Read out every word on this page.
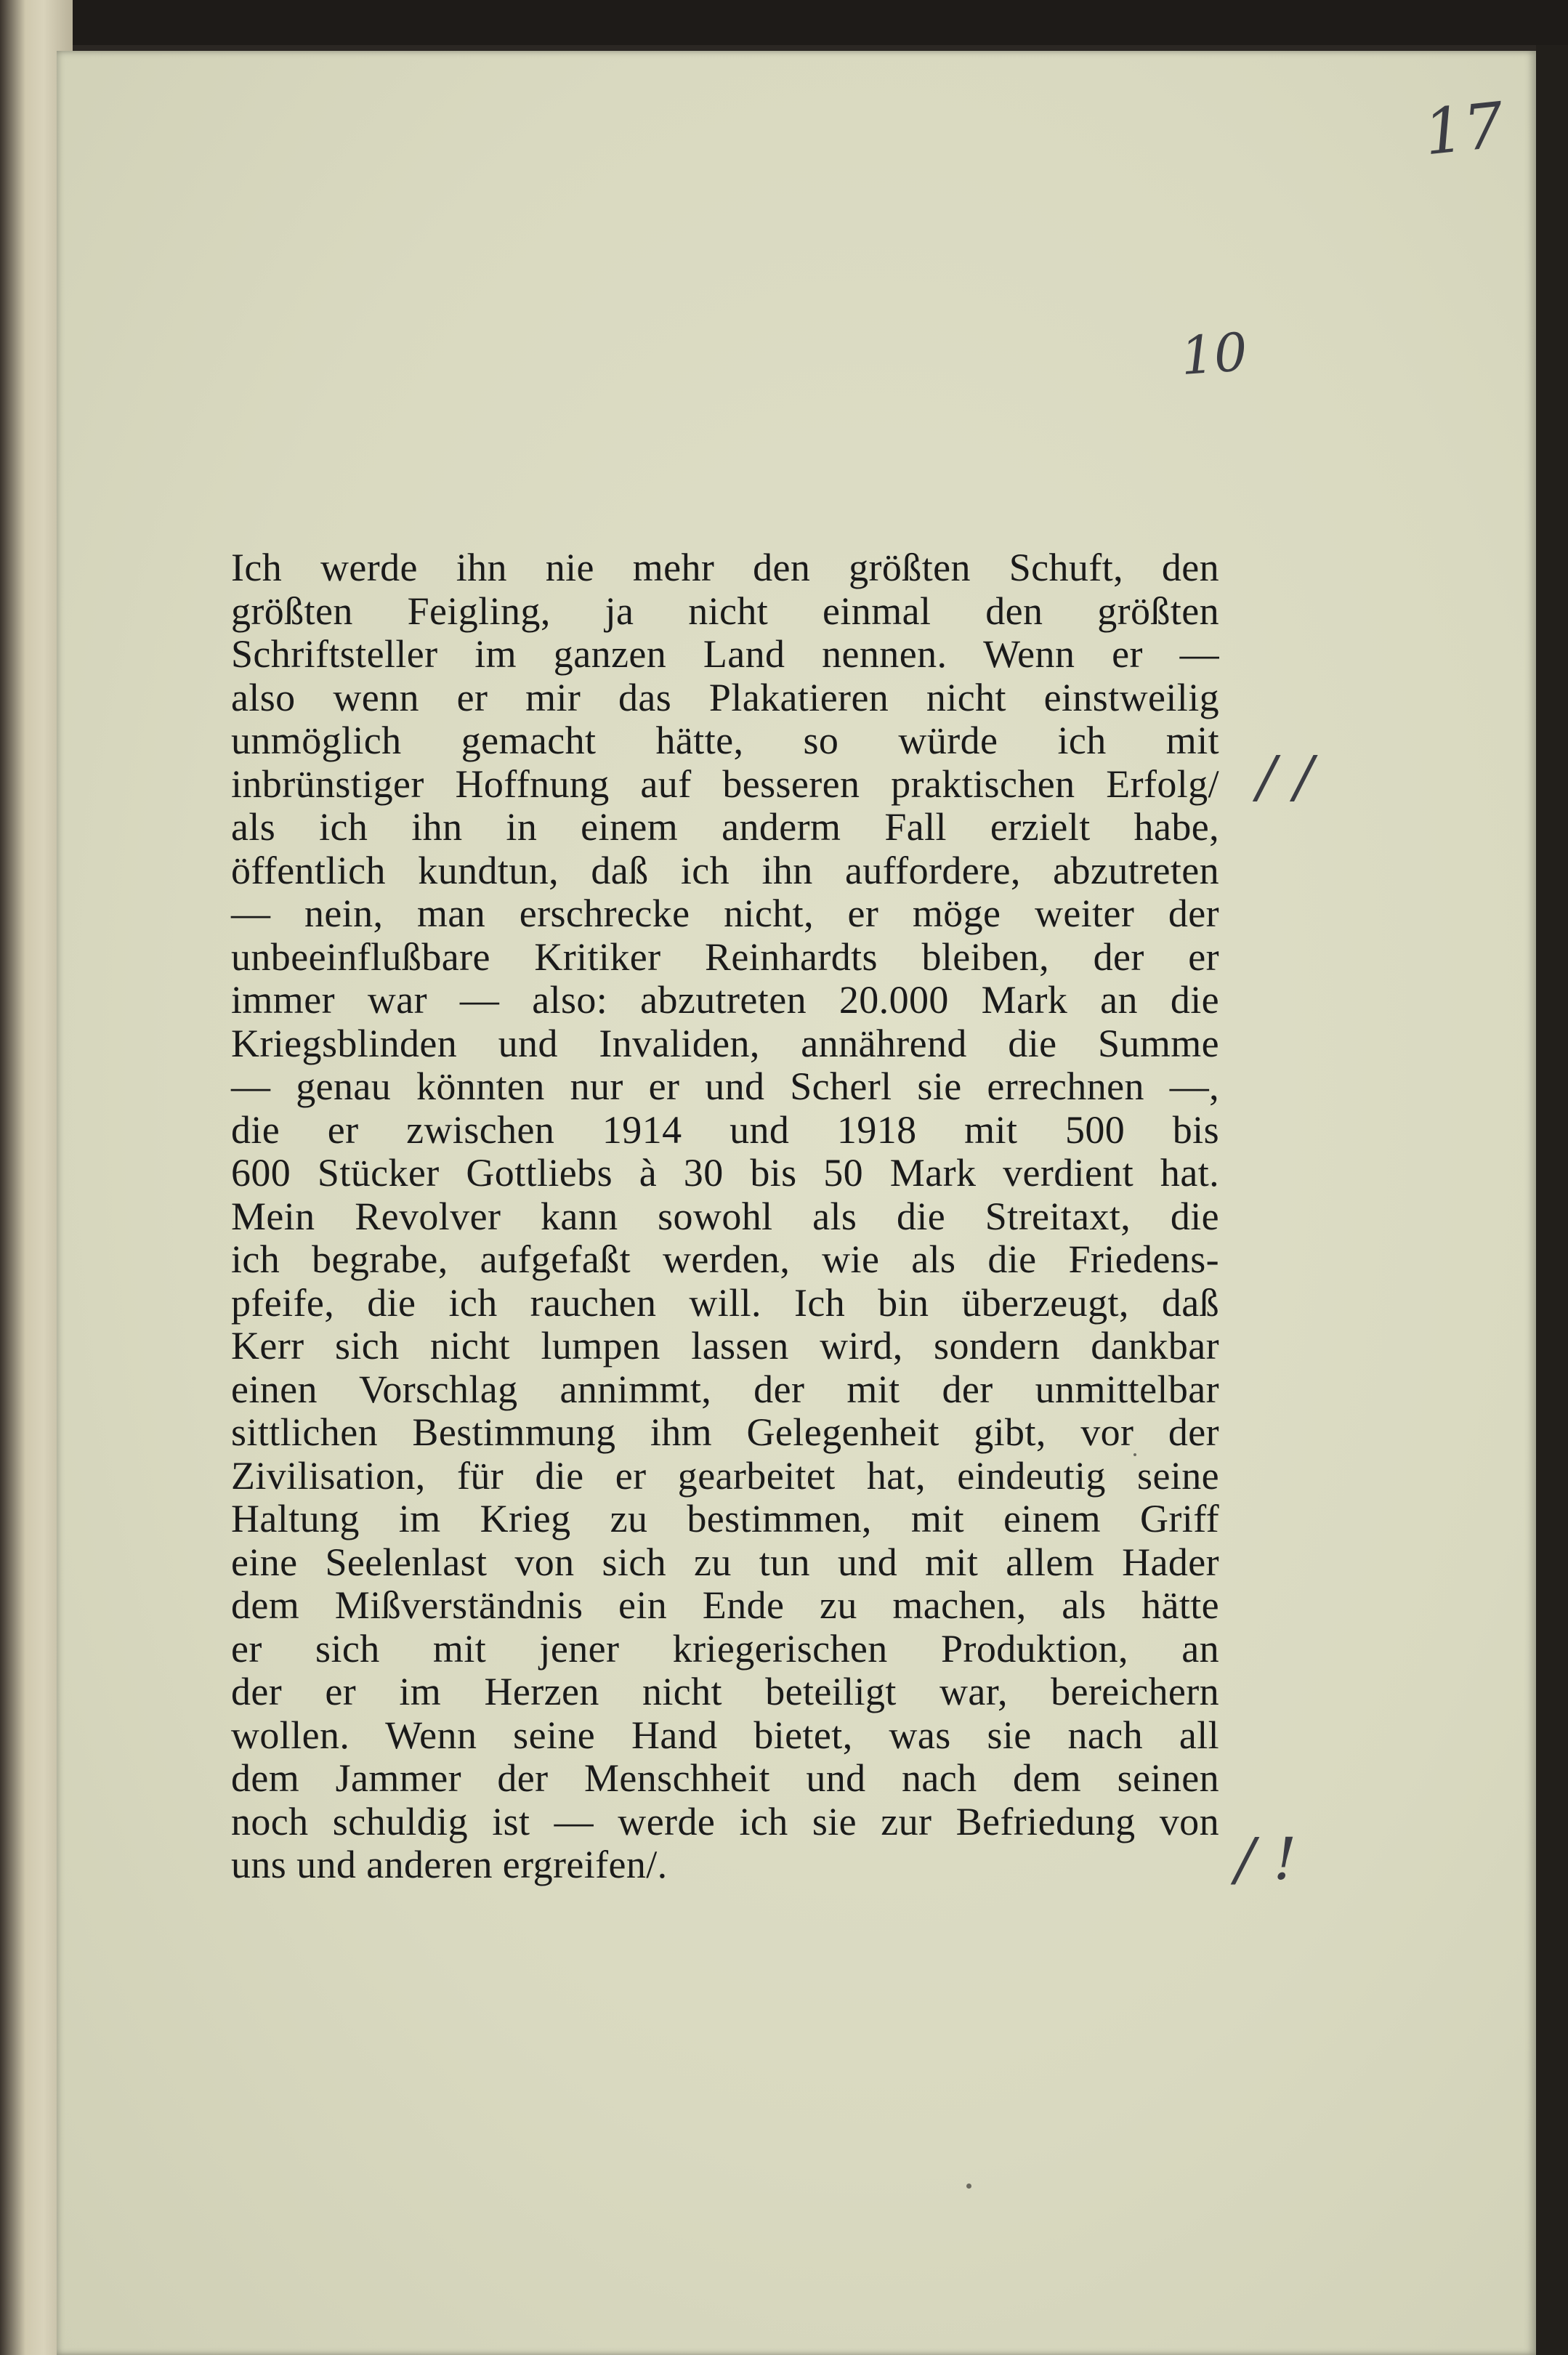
17
10
/ /
/ !
Ich werde ihn nie mehr den größten Schuft, den
größten Feigling, ja nicht einmal den größten
Schriftsteller im ganzen Land nennen. Wenn er —
also wenn er mir das Plakatieren nicht einstweilig
unmöglich gemacht hätte, so würde ich mit
inbrünstiger Hoffnung auf besseren praktischen Erfolg/
als ich ihn in einem anderm Fall erzielt habe,
öffentlich kundtun, daß ich ihn auffordere, abzutreten
— nein, man erschrecke nicht, er möge weiter der
unbeeinflußbare Kritiker Reinhardts bleiben, der er
immer war — also: abzutreten 20.000 Mark an die
Kriegsblinden und Invaliden, annährend die Summe
— genau könnten nur er und Scherl sie errechnen —,
die er zwischen 1914 und 1918 mit 500 bis
600 Stücker Gottliebs à 30 bis 50 Mark verdient hat.
Mein Revolver kann sowohl als die Streitaxt, die
ich begrabe, aufgefaßt werden, wie als die Friedens-
pfeife, die ich rauchen will. Ich bin überzeugt, daß
Kerr sich nicht lumpen lassen wird, sondern dankbar
einen Vorschlag annimmt, der mit der unmittelbar
sittlichen Bestimmung ihm Gelegenheit gibt, vor der
Zivilisation, für die er gearbeitet hat, eindeutig seine
Haltung im Krieg zu bestimmen, mit einem Griff
eine Seelenlast von sich zu tun und mit allem Hader
dem Mißverständnis ein Ende zu machen, als hätte
er sich mit jener kriegerischen Produktion, an
der er im Herzen nicht beteiligt war, bereichern
wollen. Wenn seine Hand bietet, was sie nach all
dem Jammer der Menschheit und nach dem seinen
noch schuldig ist — werde ich sie zur Befriedung von
uns und anderen ergreifen/.
